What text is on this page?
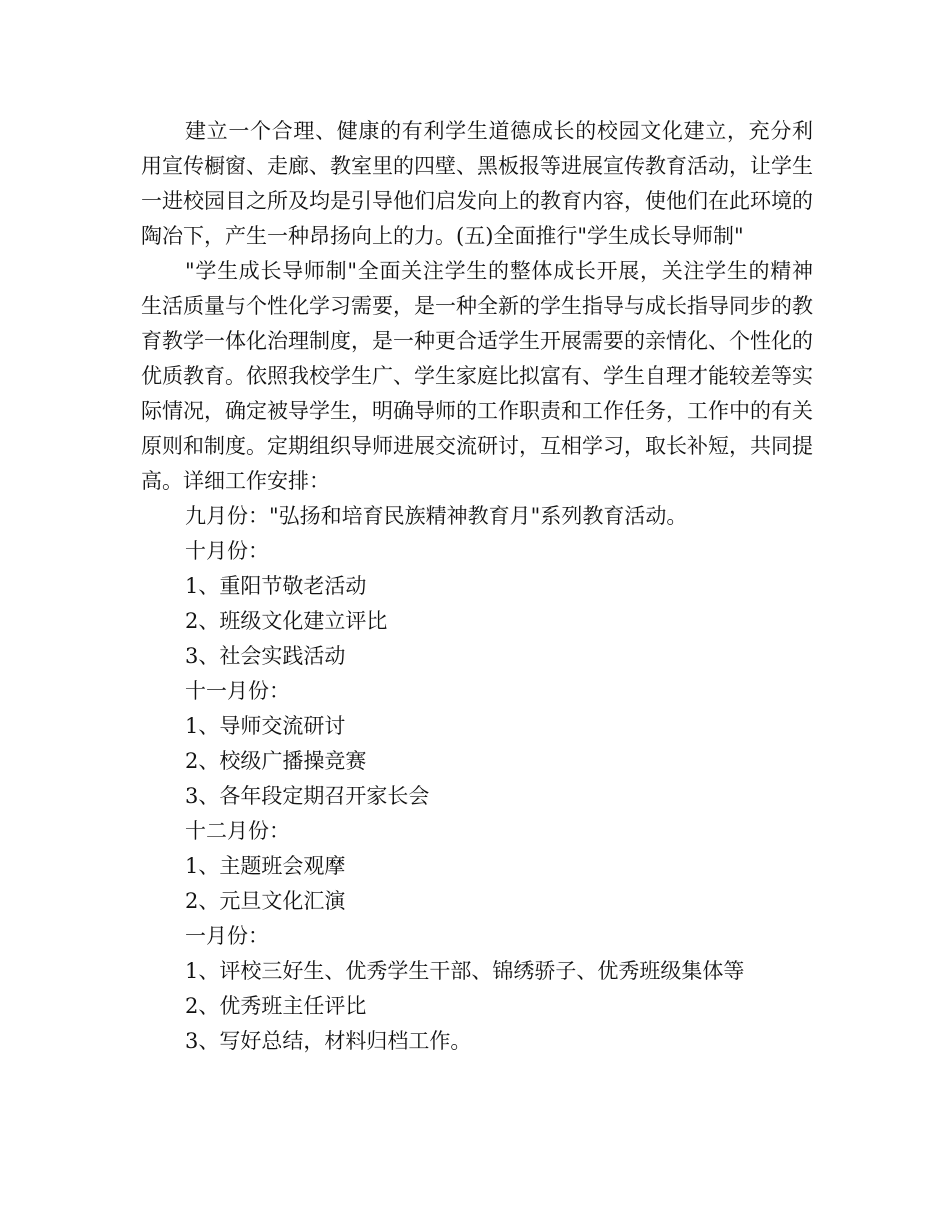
建立一个合理、健康的有利学生道德成长的校园文化建立，充分利用宣传橱窗、走廊、教室里的四壁、黑板报等进展宣传教育活动，让学生一进校园目之所及均是引导他们启发向上的教育内容，使他们在此环境的陶冶下，产生一种昂扬向上的力。(五)全面推行"学生成长导师制"

"学生成长导师制"全面关注学生的整体成长开展，关注学生的精神生活质量与个性化学习需要，是一种全新的学生指导与成长指导同步的教育教学一体化治理制度，是一种更合适学生开展需要的亲情化、个性化的优质教育。依照我校学生广、学生家庭比拟富有、学生自理才能较差等实际情况，确定被导学生，明确导师的工作职责和工作任务，工作中的有关原则和制度。定期组织导师进展交流研讨，互相学习，取长补短，共同提高。详细工作安排：

九月份："弘扬和培育民族精神教育月"系列教育活动。

十月份：

1、重阳节敬老活动

2、班级文化建立评比

3、社会实践活动

十一月份：

1、导师交流研讨

2、校级广播操竞赛

3、各年段定期召开家长会

十二月份：

1、主题班会观摩

2、元旦文化汇演

一月份：

1、评校三好生、优秀学生干部、锦绣骄子、优秀班级集体等

2、优秀班主任评比

3、写好总结，材料归档工作。
